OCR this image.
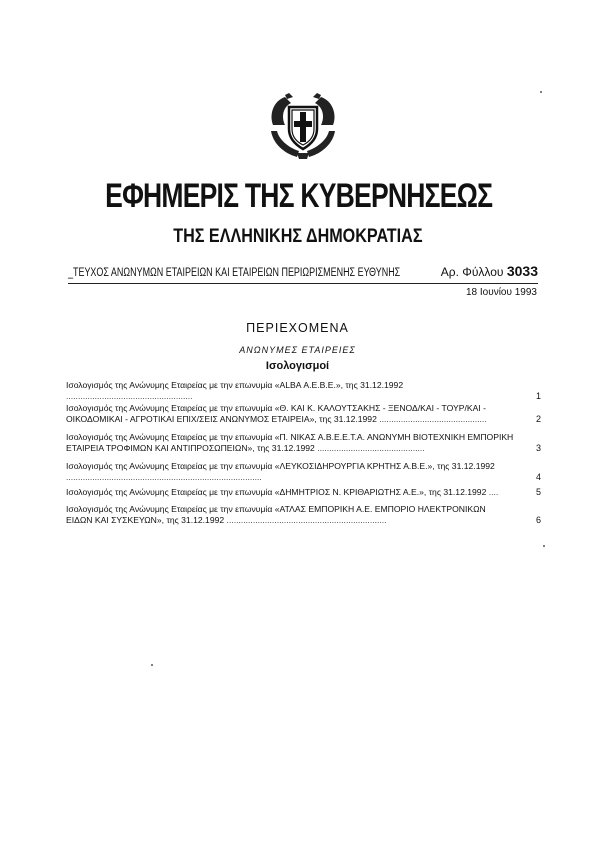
ΕΦΗΜΕΡΙΣ ΤΗΣ ΚΥΒΕΡΝΗΣΕΩΣ
ΤΗΣ ΕΛΛΗΝΙΚΗΣ ΔΗΜΟΚΡΑΤΙΑΣ
_ΤΕΥΧΟΣ ΑΝΩΝΥΜΩΝ ΕΤΑΙΡΕΙΩΝ ΚΑΙ ΕΤΑΙΡΕΙΩΝ ΠΕΡΙΩΡΙΣΜΕΝΗΣ ΕΥΘΥΝΗΣ	Αρ. Φύλλου 3033
18 Ιουνίου 1993
ΠΕΡΙΕΧΟΜΕΝΑ
ΑΝΩΝΥΜΕΣ ΕΤΑΙΡΕΙΕΣ
Ισολογισμοί
Ισολογισμός της Ανώνυμης Εταιρείας με την επωνυμία «ALBA Α.Ε.Β.Ε.», της 31.12.1992 .....................................................	1
Ισολογισμός της Ανώνυμης Εταιρείας με την επωνυμία «Θ. ΚΑΙ Κ. ΚΑΛΟΥΤΣΑΚΗΣ - ΞΕΝΟΔ/ΚΑΙ - ΤΟΥΡ/ΚΑΙ - ΟΙΚΟΔΟΜΙΚΑΙ - ΑΓΡΟΤΙΚΑΙ ΕΠΙΧ/ΣΕΙΣ ΑΝΩΝΥΜΟΣ ΕΤΑΙΡΕΙΑ», της 31.12.1992 .............................................	2
Ισολογισμός της Ανώνυμης Εταιρείας με την επωνυμία «Π. ΝΙΚΑΣ Α.Β.Ε.Ε.Τ.Α. ΑΝΩΝΥΜΗ ΒΙΟΤΕΧΝΙΚΗ ΕΜΠΟΡΙΚΗ ΕΤΑΙΡΕΙΑ ΤΡΟΦΙΜΩΝ ΚΑΙ ΑΝΤΙΠΡΟΣΩΠΕΙΩΝ», της 31.12.1992 .............................................	3
Ισολογισμός της Ανώνυμης Εταιρείας με την επωνυμία «ΛΕΥΚΟΣΙΔΗΡΟΥΡΓΙΑ ΚΡΗΤΗΣ Α.Β.Ε.», της 31.12.1992 ..................................................................................	4
Ισολογισμός της Ανώνυμης Εταιρείας με την επωνυμία «ΔΗΜΗΤΡΙΟΣ Ν. ΚΡΙΘΑΡΙΩΤΗΣ Α.Ε.», της 31.12.1992 ....	5
Ισολογισμός της Ανώνυμης Εταιρείας με την επωνυμία «ΑΤΛΑΣ ΕΜΠΟΡΙΚΗ Α.Ε. ΕΜΠΟΡΙΟ ΗΛΕΚΤΡΟΝΙΚΩΝ ΕΙΔΩΝ ΚΑΙ ΣΥΣΚΕΥΩΝ», της 31.12.1992 ...................................................................	6
